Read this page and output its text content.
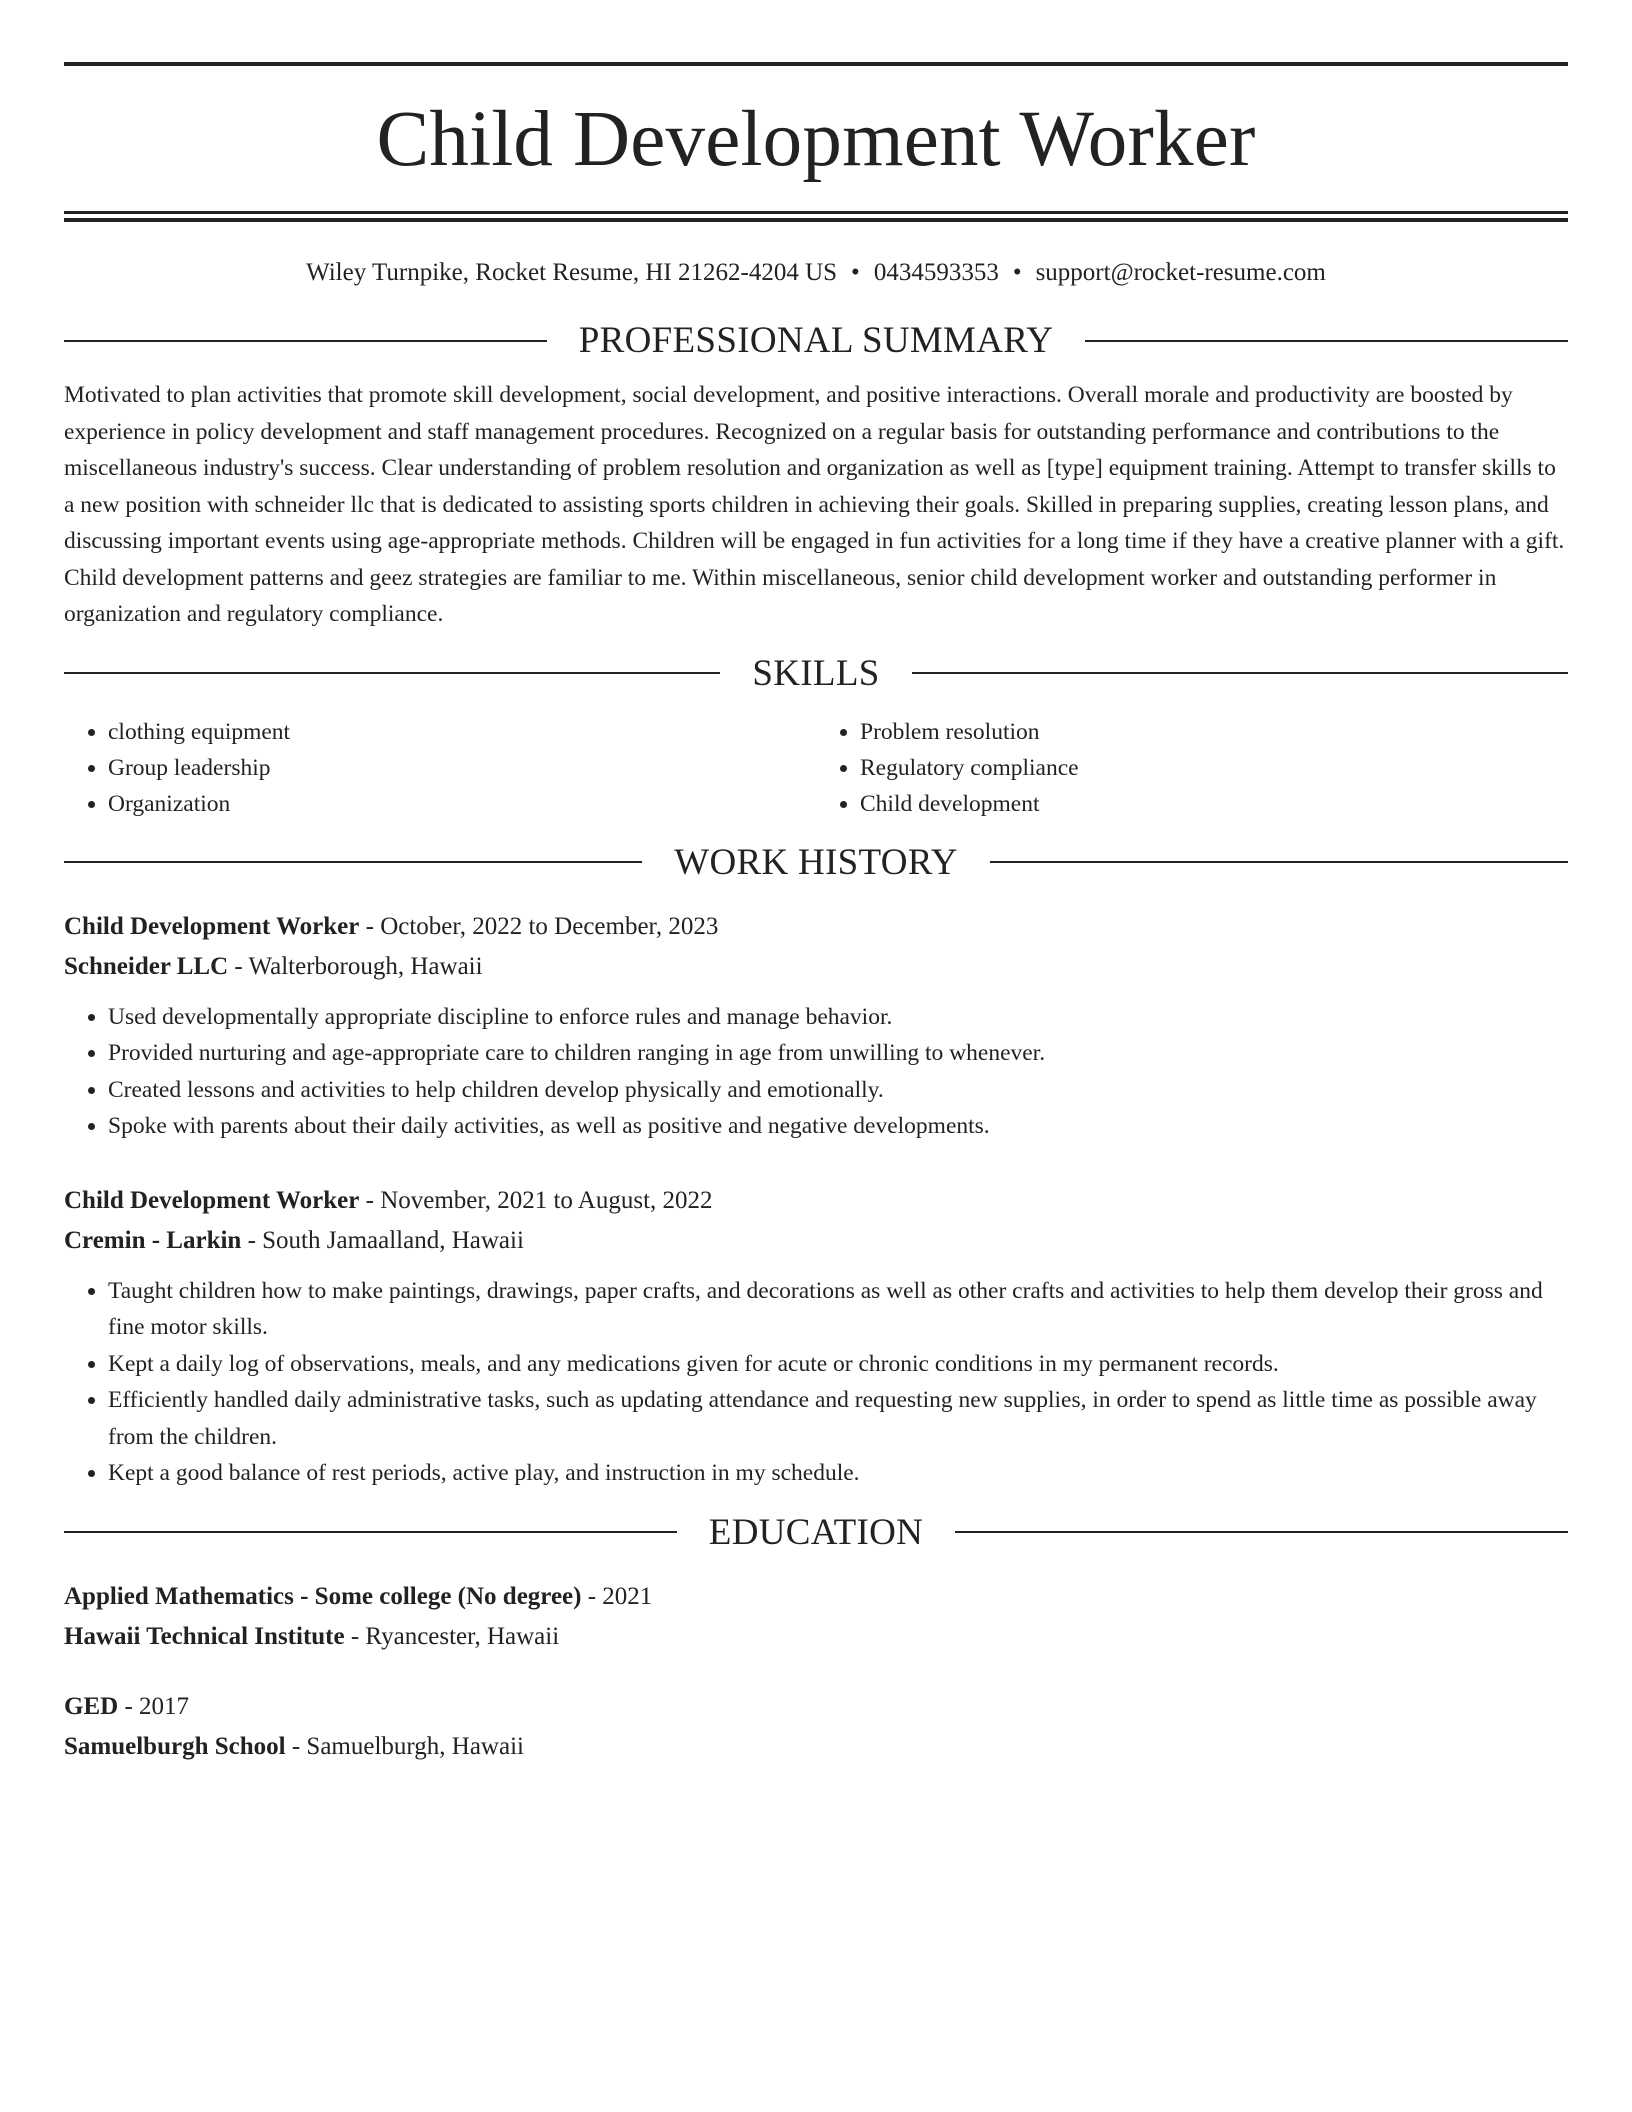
Child Development Worker
Wiley Turnpike, Rocket Resume, HI 21262-4204 US • 0434593353 • support@rocket-resume.com
PROFESSIONAL SUMMARY

Motivated to plan activities that promote skill development, social development, and positive interactions. Overall morale and productivity are boosted by experience in policy development and staff management procedures. Recognized on a regular basis for outstanding performance and contributions to the miscellaneous industry's success. Clear understanding of problem resolution and organization as well as [type] equipment training. Attempt to transfer skills to a new position with schneider llc that is dedicated to assisting sports children in achieving their goals. Skilled in preparing supplies, creating lesson plans, and discussing important events using age-appropriate methods. Children will be engaged in fun activities for a long time if they have a creative planner with a gift. Child development patterns and geez strategies are familiar to me. Within miscellaneous, senior child development worker and outstanding performer in organization and regulatory compliance.

SKILLS
• clothing equipment
• Group leadership
• Organization
• Problem resolution
• Regulatory compliance
• Child development
WORK HISTORY
Child Development Worker - October, 2022 to December, 2023
Schneider LLC - Walterborough, Hawaii
• Used developmentally appropriate discipline to enforce rules and manage behavior.
• Provided nurturing and age-appropriate care to children ranging in age from unwilling to whenever.
• Created lessons and activities to help children develop physically and emotionally.
• Spoke with parents about their daily activities, as well as positive and negative developments.
Child Development Worker - November, 2021 to August, 2022
Cremin - Larkin - South Jamaalland, Hawaii
• Taught children how to make paintings, drawings, paper crafts, and decorations as well as other crafts and activities to help them develop their gross and fine motor skills.
• Kept a daily log of observations, meals, and any medications given for acute or chronic conditions in my permanent records.
• Efficiently handled daily administrative tasks, such as updating attendance and requesting new supplies, in order to spend as little time as possible away from the children.
• Kept a good balance of rest periods, active play, and instruction in my schedule.
EDUCATION
Applied Mathematics - Some college (No degree) - 2021
Hawaii Technical Institute - Ryancester, Hawaii
GED - 2017
Samuelburgh School - Samuelburgh, Hawaii
